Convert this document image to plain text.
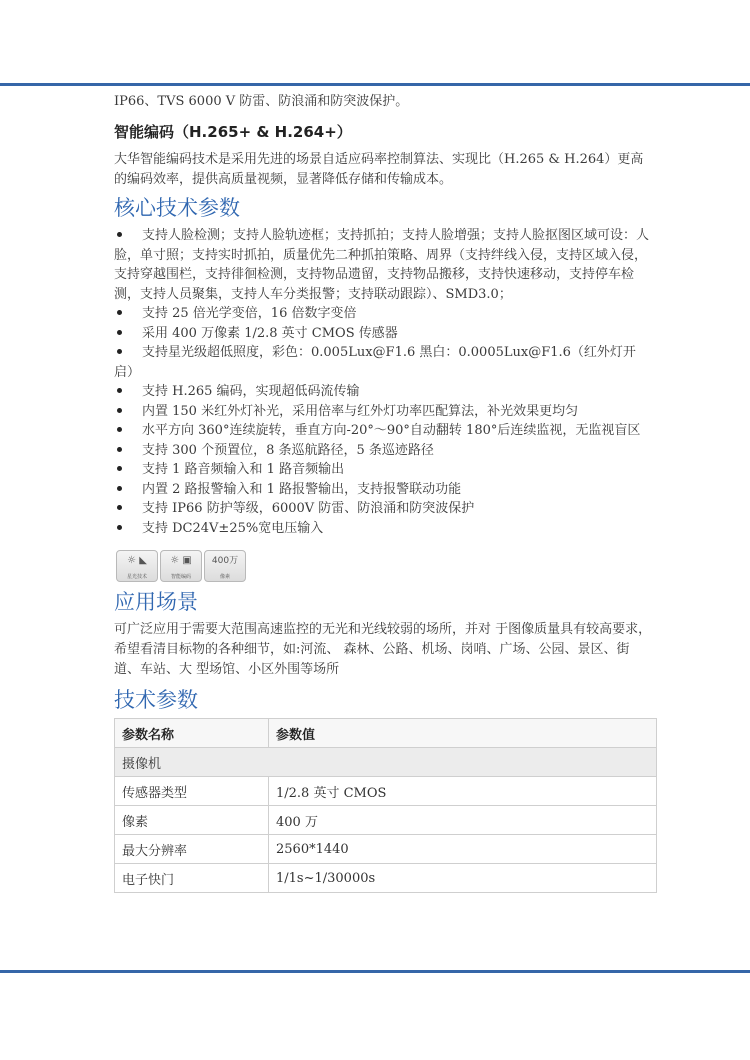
IP66、TVS 6000 V 防雷、防浪涌和防突波保护。

智能编码（H.265+ & H.264+）

大华智能编码技术是采用先进的场景自适应码率控制算法、实现比（H.265 & H.264）更高的编码效率，提供高质量视频，显著降低存储和传输成本。

核心技术参数
支持人脸检测；支持人脸轨迹框；支持抓拍；支持人脸增强；支持人脸抠图区域可设：人脸，单寸照；支持实时抓拍，质量优先二种抓拍策略、周界（支持绊线入侵，支持区域入侵，支持穿越围栏，支持徘徊检测，支持物品遗留，支持物品搬移，支持快速移动，支持停车检测，支持人员聚集，支持人车分类报警；支持联动跟踪）、SMD3.0；
支持 25 倍光学变倍，16 倍数字变倍
采用 400 万像素 1/2.8 英寸 CMOS 传感器
支持星光级超低照度，彩色：0.005Lux@F1.6 黑白：0.0005Lux@F1.6（红外灯开启）
支持 H.265 编码，实现超低码流传输
内置 150 米红外灯补光，采用倍率与红外灯功率匹配算法，补光效果更均匀
水平方向 360°连续旋转，垂直方向-20°～90°自动翻转 180°后连续监视，无监视盲区
支持 300 个预置位，8 条巡航路径，5 条巡迹路径
支持 1 路音频输入和 1 路音频输出
内置 2 路报警输入和 1 路报警输出，支持报警联动功能
支持 IP66 防护等级，6000V 防雷、防浪涌和防突波保护
支持 DC24V±25%宽电压输入
☼ ◣
星光技术
☼ ▣
智能编码
400万
像素
应用场景

可广泛应用于需要大范围高速监控的无光和光线较弱的场所，并对 于图像质量具有较高要求，希望看清目标物的各种细节，如:河流、 森林、公路、机场、岗哨、广场、公园、景区、街道、车站、大 型场馆、小区外围等场所

技术参数
参数名称	参数值
摄像机	
传感器类型	1/2.8 英寸 CMOS
像素	400 万
最大分辨率	2560*1440
电子快门	1/1s~1/30000s
